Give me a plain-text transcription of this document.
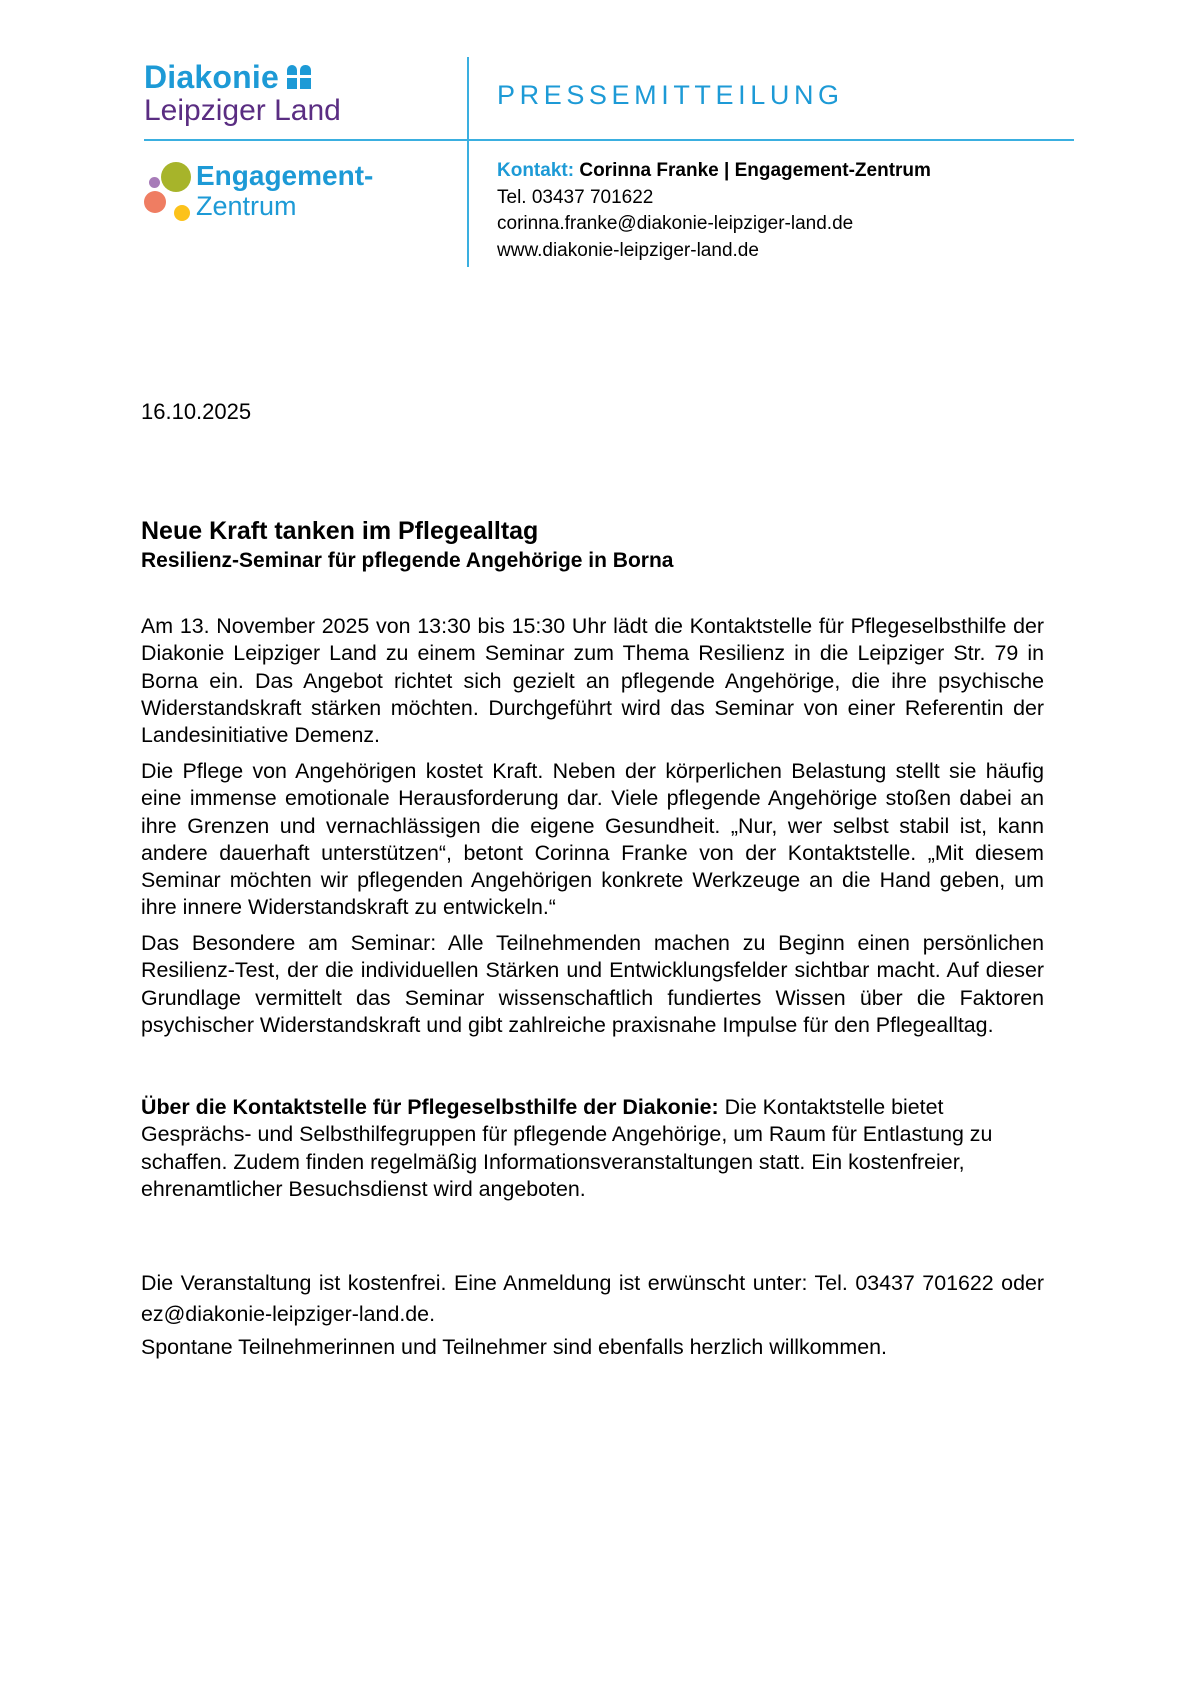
Diakonie
Leipziger Land
Engagement-
Zentrum
PRESSEMITTEILUNG
Kontakt: Corinna Franke | Engagement-Zentrum
Tel. 03437 701622
corinna.franke@diakonie-leipziger-land.de
www.diakonie-leipziger-land.de
16.10.2025
Neue Kraft tanken im Pflegealltag
Resilienz-Seminar für pflegende Angehörige in Borna
Am 13. November 2025 von 13:30 bis 15:30 Uhr lädt die Kontaktstelle für Pflegeselbsthilfe der Diakonie Leipziger Land zu einem Seminar zum Thema Resilienz in die Leipziger Str. 79 in Borna ein. Das Angebot richtet sich gezielt an pflegende Angehörige, die ihre psychische Widerstandskraft stärken möchten. Durchgeführt wird das Seminar von einer Referentin der Landesinitiative Demenz.
Die Pflege von Angehörigen kostet Kraft. Neben der körperlichen Belastung stellt sie häufig eine immense emotionale Herausforderung dar. Viele pflegende Angehörige stoßen dabei an ihre Grenzen und vernachlässigen die eigene Gesundheit. „Nur, wer selbst stabil ist, kann andere dauerhaft unterstützen“, betont Corinna Franke von der Kontaktstelle. „Mit diesem Seminar möchten wir pflegenden Angehörigen konkrete Werkzeuge an die Hand geben, um ihre innere Widerstandskraft zu entwickeln.“
Das Besondere am Seminar: Alle Teilnehmenden machen zu Beginn einen persönlichen Resilienz-Test, der die individuellen Stärken und Entwicklungsfelder sichtbar macht. Auf dieser Grundlage vermittelt das Seminar wissenschaftlich fundiertes Wissen über die Faktoren psychischer Widerstandskraft und gibt zahlreiche praxisnahe Impulse für den Pflegealltag.
Über die Kontaktstelle für Pflegeselbsthilfe der Diakonie: Die Kontaktstelle bietet Gesprächs- und Selbsthilfegruppen für pflegende Angehörige, um Raum für Entlastung zu schaffen. Zudem finden regelmäßig Informationsveranstaltungen statt. Ein kostenfreier, ehrenamtlicher Besuchsdienst wird angeboten.
Die Veranstaltung ist kostenfrei. Eine Anmeldung ist erwünscht unter: Tel. 03437 701622 oder ez@diakonie-leipziger-land.de.
Spontane Teilnehmerinnen und Teilnehmer sind ebenfalls herzlich willkommen.
